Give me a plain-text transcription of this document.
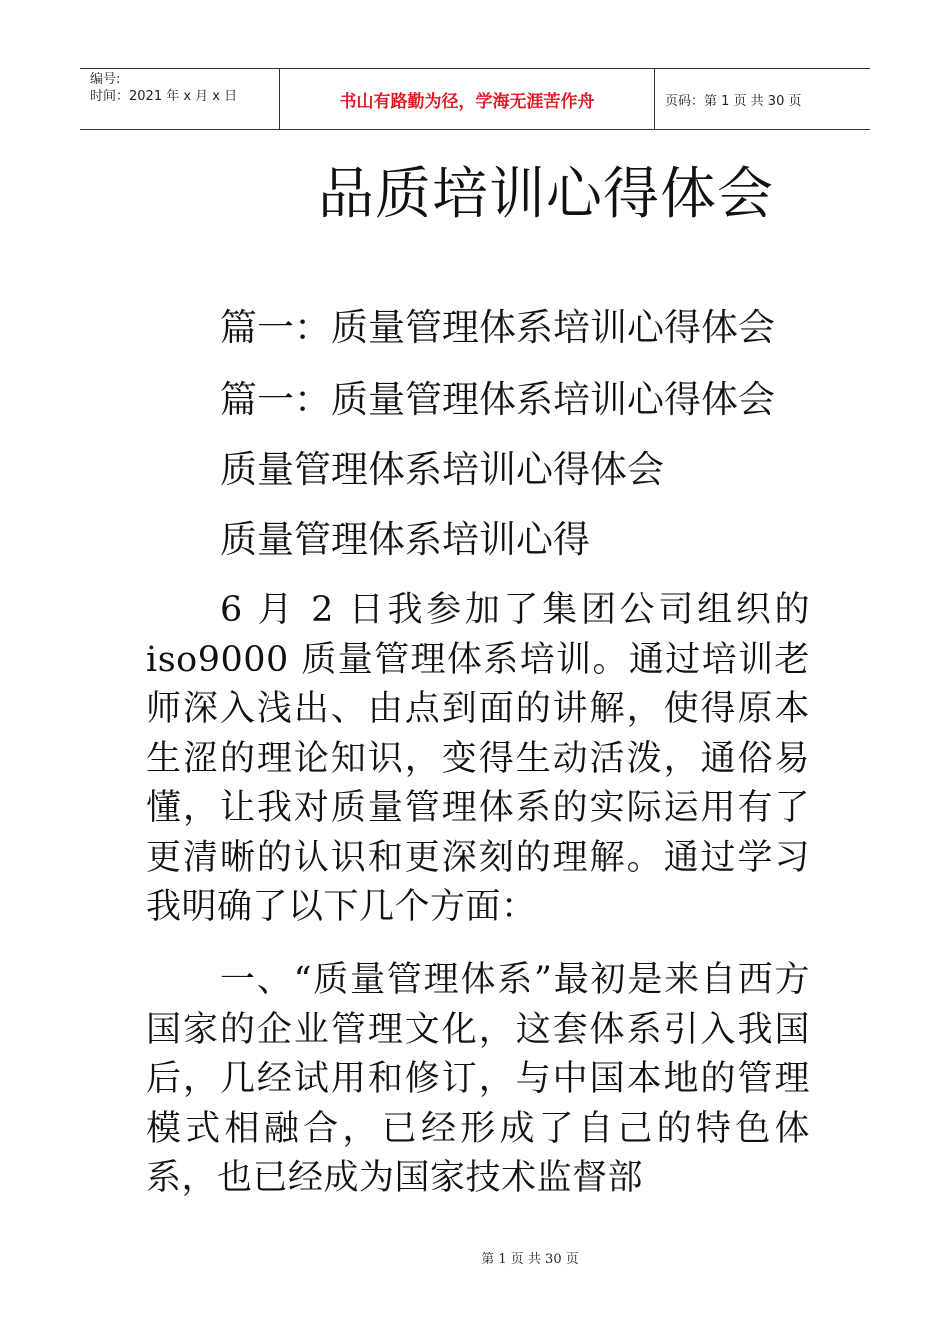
编号:
时间：2021 年 x 月 x 日	书山有路勤为径，学海无涯苦作舟	页码：第 1 页 共 30 页
品质培训心得体会
篇一：质量管理体系培训心得体会
篇一：质量管理体系培训心得体会
质量管理体系培训心得体会
质量管理体系培训心得
6 月 2 日我参加了集团公司组织的 iso9000 质量管理体系培训。通过培训老师深入浅出、由点到面的讲解，使得原本生涩的理论知识，变得生动活泼，通俗易懂，让我对质量管理体系的实际运用有了更清晰的认识和更深刻的理解。通过学习我明确了以下几个方面：
一、“质量管理体系”最初是来自西方国家的企业管理文化，这套体系引入我国后，几经试用和修订，与中国本地的管理模式相融合，已经形成了自己的特色体系，也已经成为国家技术监督部
第 1 页 共 30 页
